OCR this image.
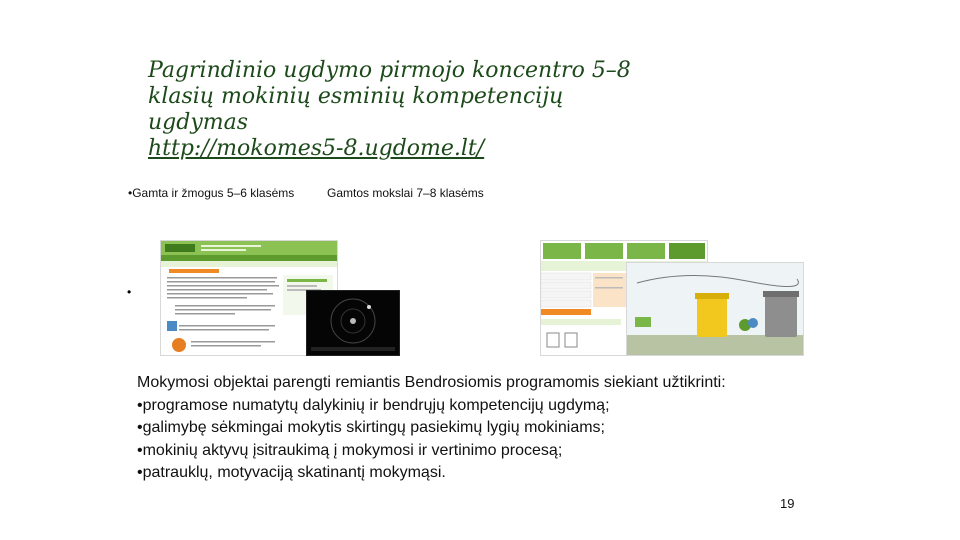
Pagrindinio ugdymo pirmojo koncentro 5–8
klasių mokinių esminių kompetencijų
ugdymas
http://mokomes5-8.ugdome.lt/
•Gamta ir žmogus 5–6 klasėms	Gamtos mokslai 7–8 klasėms
•
Mokymosi objektai parengti remiantis Bendrosiomis programomis siekiant užtikrinti:
•programose numatytų dalykinių ir bendrųjų kompetencijų ugdymą;
•galimybę sėkmingai mokytis skirtingų pasiekimų lygių mokiniams;
•mokinių aktyvų įsitraukimą į mokymosi ir vertinimo procesą;
•patrauklų, motyvaciją skatinantį mokymąsi.
19
